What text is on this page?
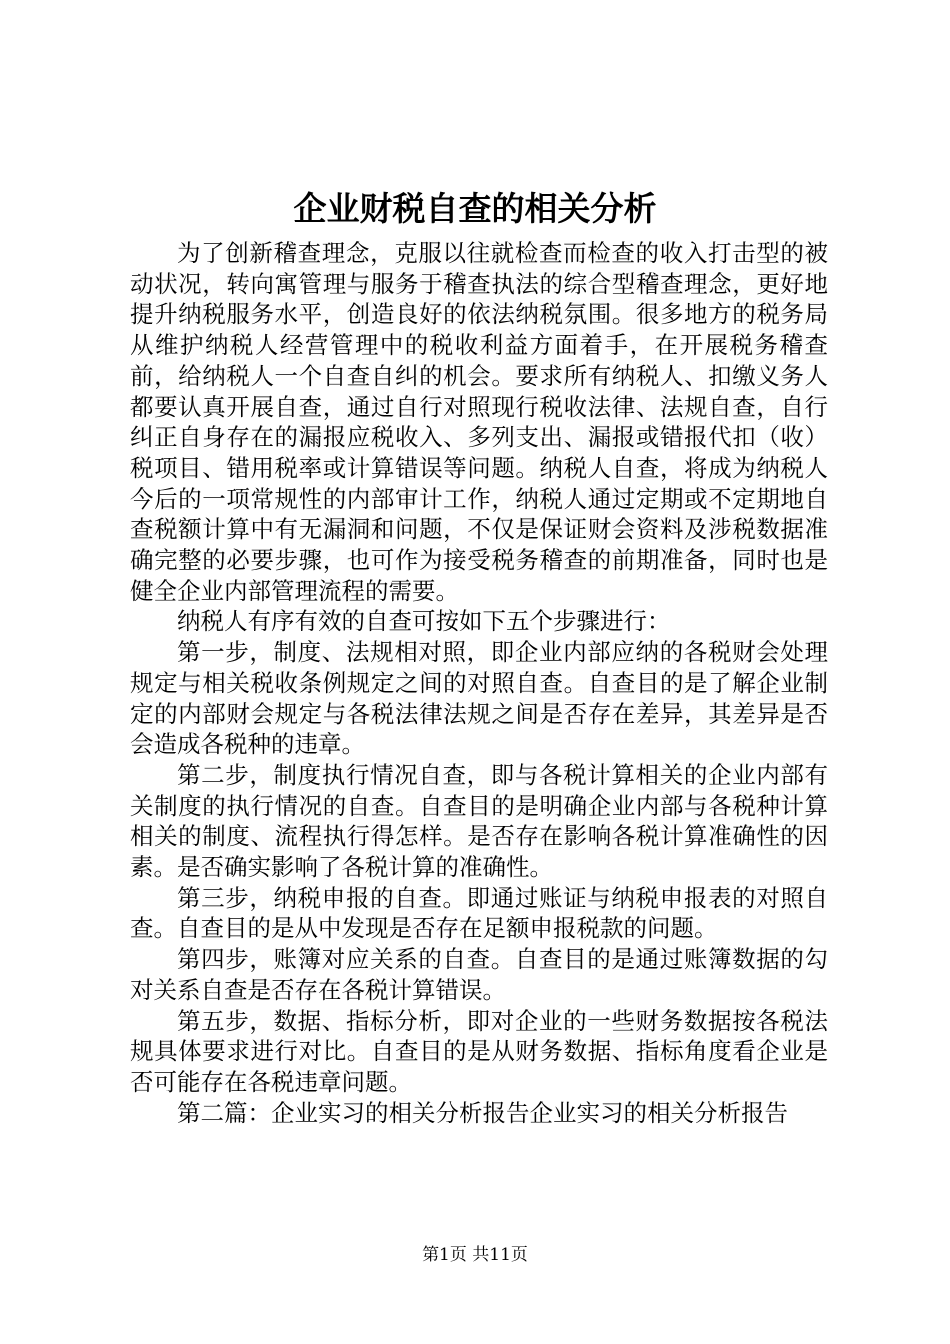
企业财税自查的相关分析

为了创新稽查理念，克服以往就检查而检查的收入打击型的被动状况，转向寓管理与服务于稽查执法的综合型稽查理念，更好地提升纳税服务水平，创造良好的依法纳税氛围。很多地方的税务局从维护纳税人经营管理中的税收利益方面着手，在开展税务稽查前，给纳税人一个自查自纠的机会。要求所有纳税人、扣缴义务人都要认真开展自查，通过自行对照现行税收法律、法规自查，自行纠正自身存在的漏报应税收入、多列支出、漏报或错报代扣（收）税项目、错用税率或计算错误等问题。纳税人自查，将成为纳税人今后的一项常规性的内部审计工作，纳税人通过定期或不定期地自查税额计算中有无漏洞和问题，不仅是保证财会资料及涉税数据准确完整的必要步骤，也可作为接受税务稽查的前期准备，同时也是健全企业内部管理流程的需要。

纳税人有序有效的自查可按如下五个步骤进行：

第一步，制度、法规相对照，即企业内部应纳的各税财会处理规定与相关税收条例规定之间的对照自查。自查目的是了解企业制定的内部财会规定与各税法律法规之间是否存在差异，其差异是否会造成各税种的违章。

第二步，制度执行情况自查，即与各税计算相关的企业内部有关制度的执行情况的自查。自查目的是明确企业内部与各税种计算相关的制度、流程执行得怎样。是否存在影响各税计算准确性的因素。是否确实影响了各税计算的准确性。

第三步，纳税申报的自查。即通过账证与纳税申报表的对照自查。自查目的是从中发现是否存在足额申报税款的问题。

第四步，账簿对应关系的自查。自查目的是通过账簿数据的勾对关系自查是否存在各税计算错误。

第五步，数据、指标分析，即对企业的一些财务数据按各税法规具体要求进行对比。自查目的是从财务数据、指标角度看企业是否可能存在各税违章问题。

第二篇：企业实习的相关分析报告企业实习的相关分析报告

第1页 共11页
